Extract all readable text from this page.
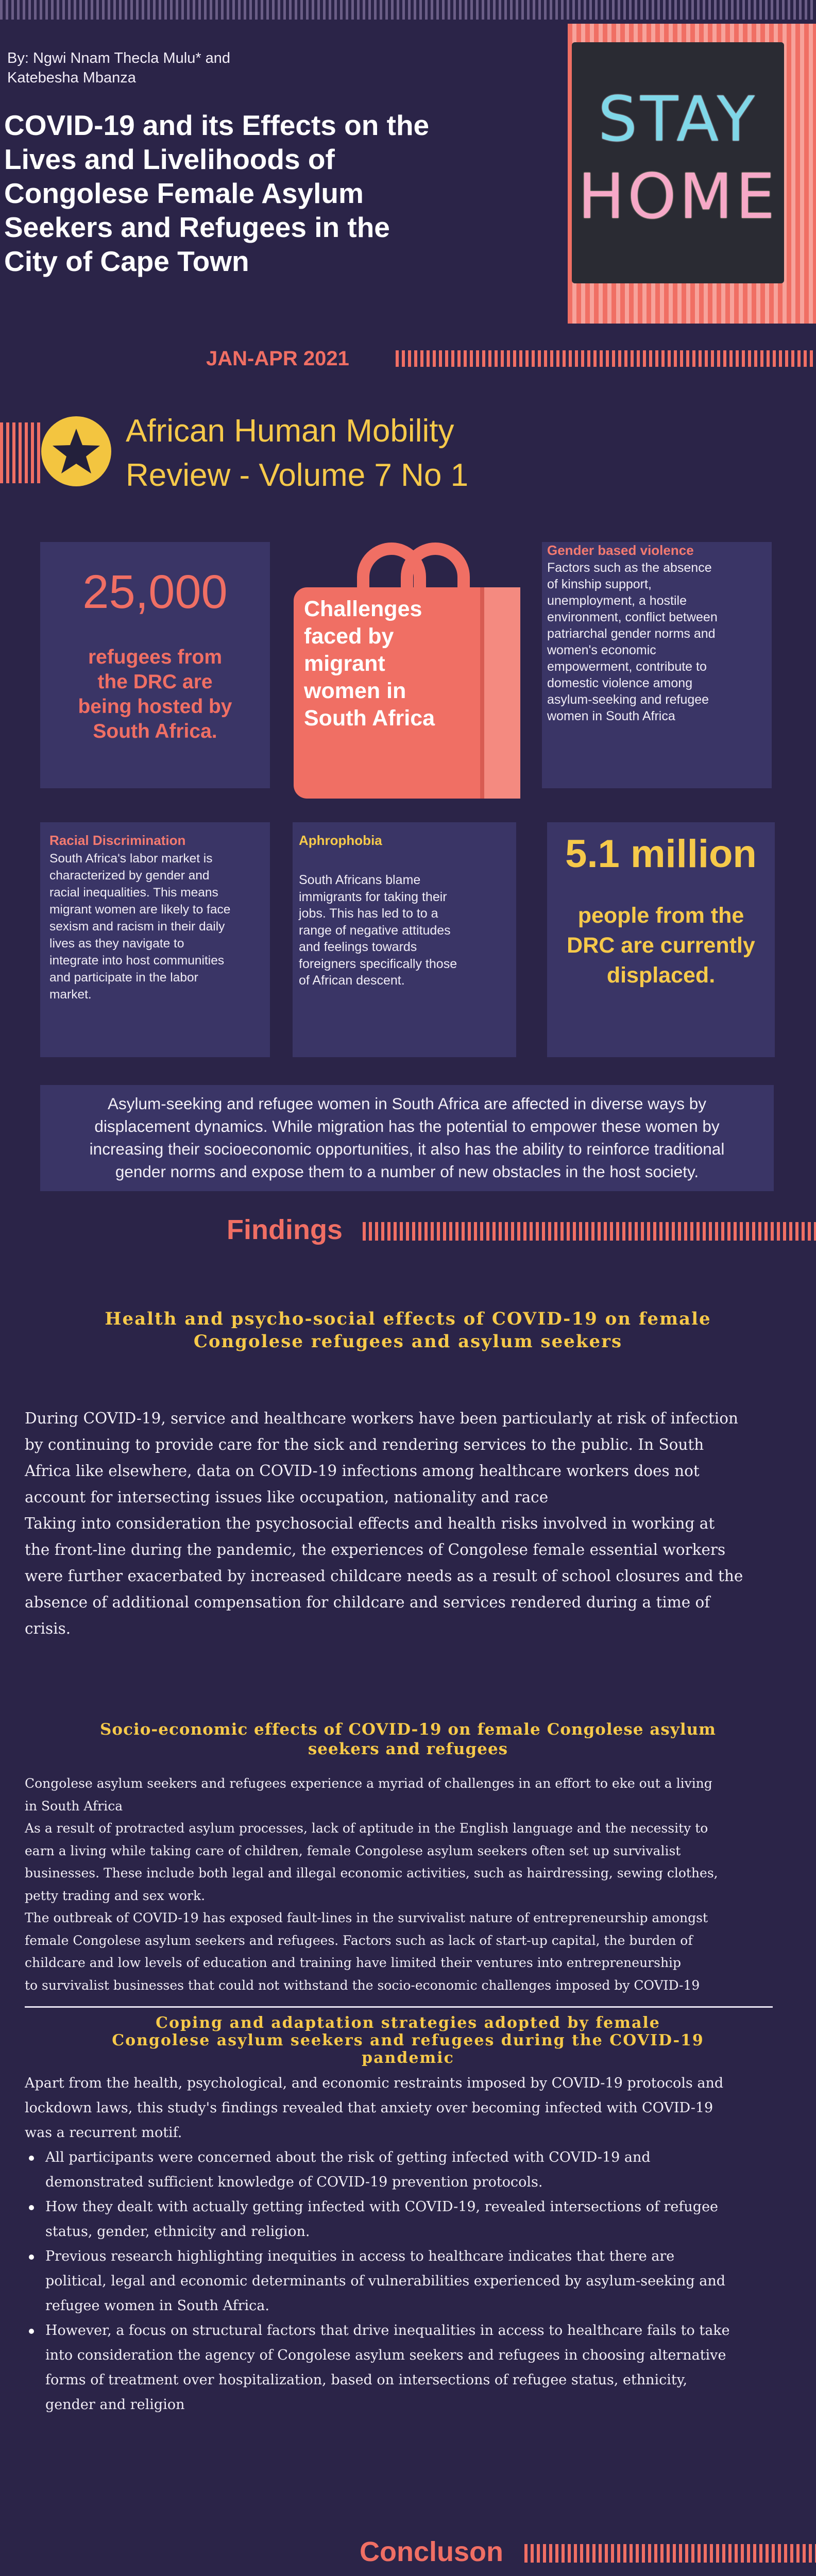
By: Ngwi Nnam Thecla Mulu* and
Katebesha Mbanza
COVID-19 and its Effects on the
Lives and Livelihoods of
Congolese Female Asylum
Seekers and Refugees in the
City of Cape Town
STAY
HOME
JAN-APR 2021
African Human Mobility
Review - Volume 7 No 1
25,000
refugees from
the DRC are
being hosted by
South Africa.
Challenges
faced by
migrant
women in
South Africa
Gender based violence
Factors such as the absence
of kinship support,
unemployment, a hostile
environment, conflict between
patriarchal gender norms and
women's economic
empowerment, contribute to
domestic violence among
asylum-seeking and refugee
women in South Africa
Racial Discrimination
South Africa's labor market is
characterized by gender and
racial inequalities. This means
migrant women are likely to face
sexism and racism in their daily
lives as they navigate to
integrate into host communities
and participate in the labor
market.
Aphrophobia
South Africans blame
immigrants for taking their
jobs. This has led to to a
range of negative attitudes
and feelings towards
foreigners specifically those
of African descent.
5.1 million
people from the
DRC are currently
displaced.
Asylum-seeking and refugee women in South Africa are affected in diverse ways by
displacement dynamics. While migration has the potential to empower these women by
increasing their socioeconomic opportunities, it also has the ability to reinforce traditional
gender norms and expose them to a number of new obstacles in the host society.
Findings
Health and psycho-social effects of COVID-19 on female
Congolese refugees and asylum seekers
During COVID-19, service and healthcare workers have been particularly at risk of infection
by continuing to provide care for the sick and rendering services to the public. In South
Africa like elsewhere, data on COVID-19 infections among healthcare workers does not
account for intersecting issues like occupation, nationality and race
Taking into consideration the psychosocial effects and health risks involved in working at
the front-line during the pandemic, the experiences of Congolese female essential workers
were further exacerbated by increased childcare needs as a result of school closures and the
absence of additional compensation for childcare and services rendered during a time of
crisis.
Socio-economic effects of COVID-19 on female Congolese asylum
seekers and refugees
Congolese asylum seekers and refugees experience a myriad of challenges in an effort to eke out a living
in South Africa
As a result of protracted asylum processes, lack of aptitude in the English language and the necessity to
earn a living while taking care of children, female Congolese asylum seekers often set up survivalist
businesses. These include both legal and illegal economic activities, such as hairdressing, sewing clothes,
petty trading and sex work.
The outbreak of COVID-19 has exposed fault-lines in the survivalist nature of entrepreneurship amongst
female Congolese asylum seekers and refugees. Factors such as lack of start-up capital, the burden of
childcare and low levels of education and training have limited their ventures into entrepreneurship
to survivalist businesses that could not withstand the socio-economic challenges imposed by COVID-19
Coping and adaptation strategies adopted by female
Congolese asylum seekers and refugees during the COVID-19
pandemic
Apart from the health, psychological, and economic restraints imposed by COVID-19 protocols and
lockdown laws, this study's findings revealed that anxiety over becoming infected with COVID-19
was a recurrent motif.
All participants were concerned about the risk of getting infected with COVID-19 and
demonstrated sufficient knowledge of COVID-19 prevention protocols.
How they dealt with actually getting infected with COVID-19, revealed intersections of refugee
status, gender, ethnicity and religion.
Previous research highlighting inequities in access to healthcare indicates that there are
political, legal and economic determinants of vulnerabilities experienced by asylum-seeking and
refugee women in South Africa.
However, a focus on structural factors that drive inequalities in access to healthcare fails to take
into consideration the agency of Congolese asylum seekers and refugees in choosing alternative
forms of treatment over hospitalization, based on intersections of refugee status, ethnicity,
gender and religion
Concluson
